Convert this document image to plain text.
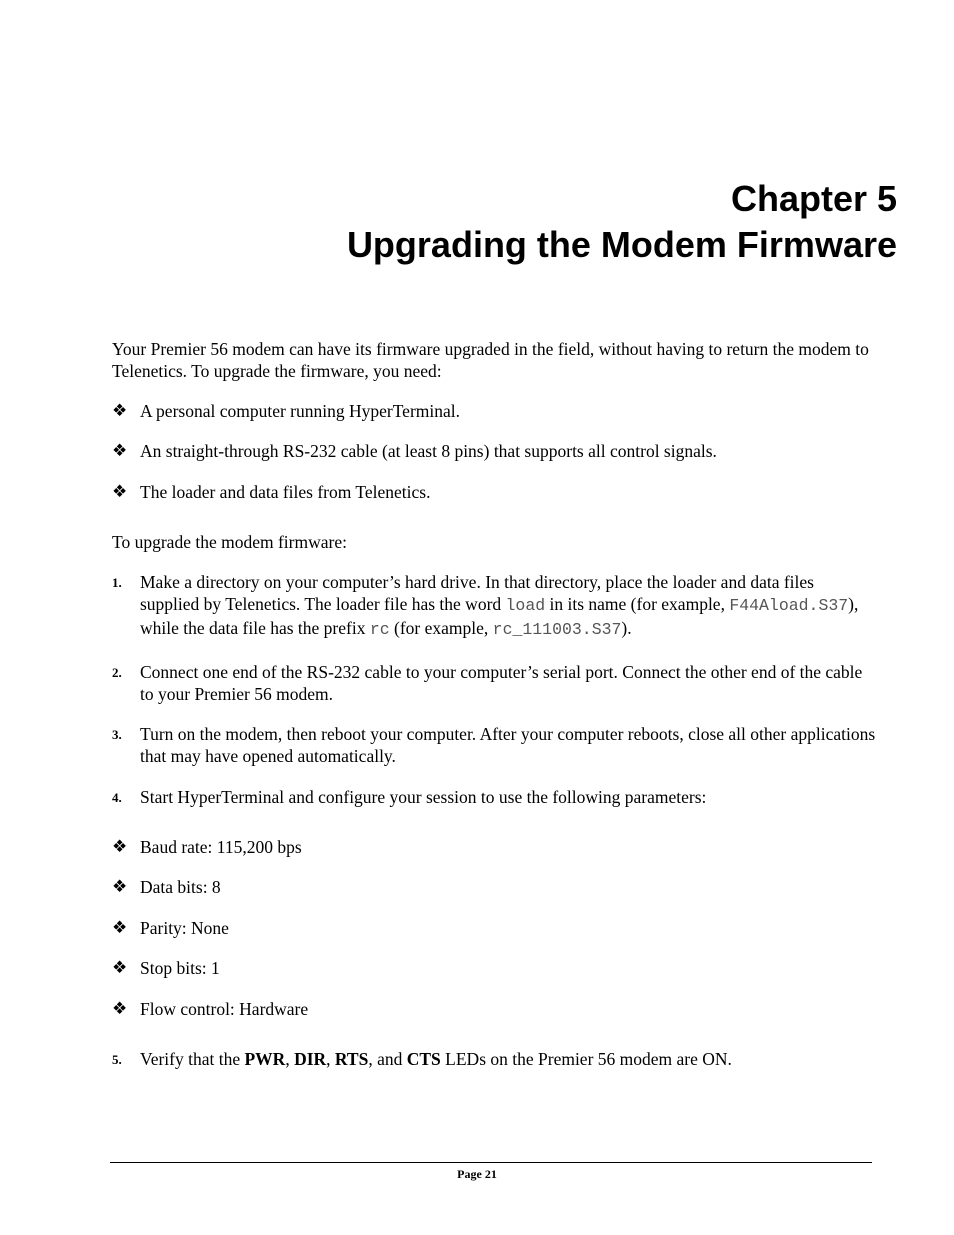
Chapter 5
Upgrading the Modem Firmware

Your Premier 56 modem can have its firmware upgraded in the field, without having to return the modem to Telenetics. To upgrade the firmware, you need:

❖ A personal computer running HyperTerminal.

❖ An straight-through RS-232 cable (at least 8 pins) that supports all control signals.

❖ The loader and data files from Telenetics.

To upgrade the modem firmware:

1. Make a directory on your computer’s hard drive. In that directory, place the loader and data files supplied by Telenetics. The loader file has the word load in its name (for example, F44Aload.S37), while the data file has the prefix rc (for example, rc_111003.S37).
2. Connect one end of the RS-232 cable to your computer’s serial port. Connect the other end of the cable to your Premier 56 modem.
3. Turn on the modem, then reboot your computer. After your computer reboots, close all other applications that may have opened automatically.
4. Start HyperTerminal and configure your session to use the following parameters:

❖ Baud rate: 115,200 bps

❖ Data bits: 8

❖ Parity: None

❖ Stop bits: 1

❖ Flow control: Hardware

5. Verify that the PWR, DIR, RTS, and CTS LEDs on the Premier 56 modem are ON.
Page 21
